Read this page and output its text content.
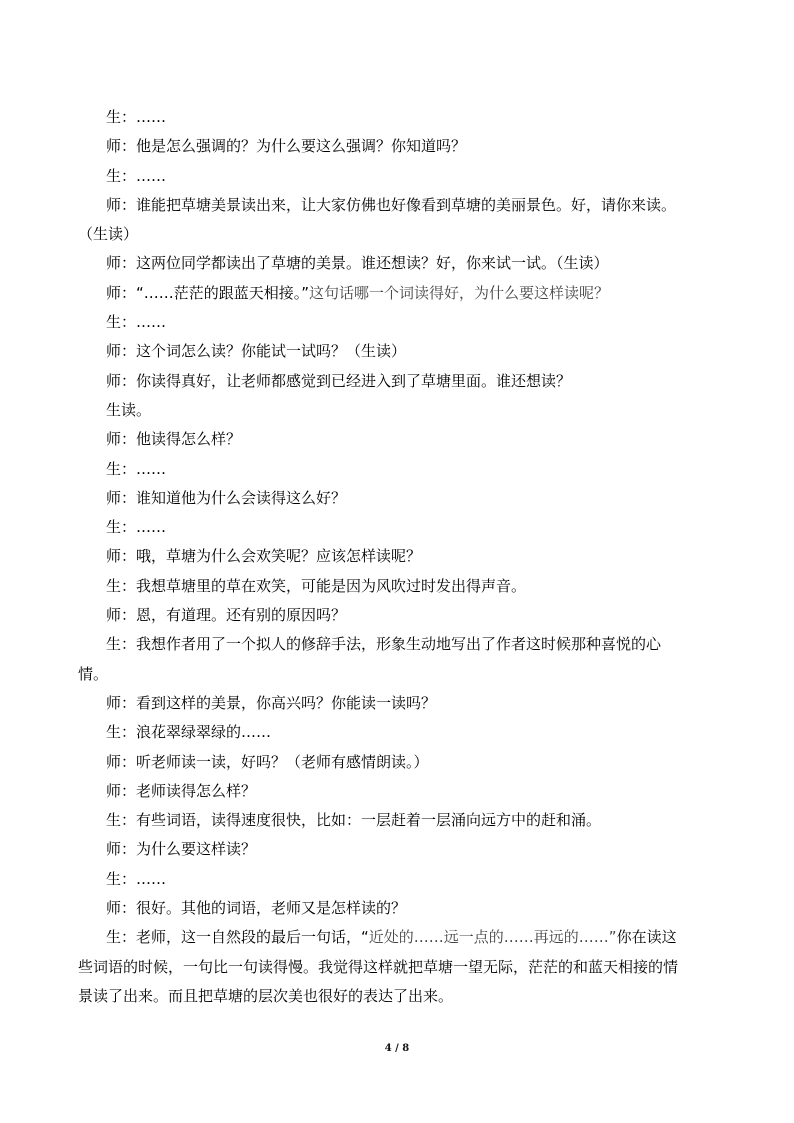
生：……
师：他是怎么强调的？为什么要这么强调？你知道吗？
生：……
师：谁能把草塘美景读出来，让大家仿佛也好像看到草塘的美丽景色。好，请你来读。
（生读）
师：这两位同学都读出了草塘的美景。谁还想读？好，你来试一试。（生读）
师：“……茫茫的跟蓝天相接。”这句话哪一个词读得好，为什么要这样读呢？
生：……
师：这个词怎么读？你能试一试吗？（生读）
师：你读得真好，让老师都感觉到已经进入到了草塘里面。谁还想读？
生读。
师：他读得怎么样？
生：……
师：谁知道他为什么会读得这么好？
生：……
师：哦，草塘为什么会欢笑呢？应该怎样读呢？
生：我想草塘里的草在欢笑，可能是因为风吹过时发出得声音。
师：恩，有道理。还有别的原因吗？
生：我想作者用了一个拟人的修辞手法，形象生动地写出了作者这时候那种喜悦的心
情。
师：看到这样的美景，你高兴吗？你能读一读吗？
生：浪花翠绿翠绿的……
师：听老师读一读，好吗？（老师有感情朗读。）
师：老师读得怎么样？
生：有些词语，读得速度很快，比如：一层赶着一层涌向远方中的赶和涌。
师：为什么要这样读？
生：……
师：很好。其他的词语，老师又是怎样读的？
生：老师，这一自然段的最后一句话，“近处的……远一点的……再远的……”你在读这
些词语的时候，一句比一句读得慢。我觉得这样就把草塘一望无际，茫茫的和蓝天相接的情
景读了出来。而且把草塘的层次美也很好的表达了出来。
4 / 8
